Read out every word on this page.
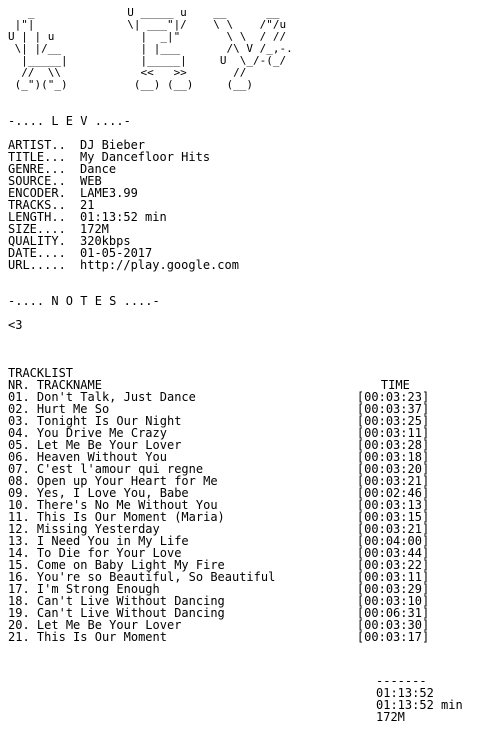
_              U _____ u    __      __
|"|              \| ___"|/    \ \    /"/u
U | | u             |  _|"       \ \  / //
\| |/__            | |___       /\ V /_,-.
|_____|           |_____|     U  \_/-(_/
//  \\            <<   >>       //
(_")("_)          (__) (__)     (__)
-.... L E V ....-
ARTIST.. DJ Bieber
TITLE... My Dancefloor Hits
GENRE... Dance
SOURCE.. WEB
ENCODER. LAME3.99
TRACKS.. 21
LENGTH.. 01:13:52 min
SIZE.... 172M
QUALITY. 320kbps
DATE.... 01-05-2017
URL..... http://play.google.com
-.... N O T E S ....-
<3
TRACKLIST
NR. TRACKNAME	TIME
01. Don't Talk, Just Dance	[00:03:23]
02. Hurt Me So	[00:03:37]
03. Tonight Is Our Night	[00:03:25]
04. You Drive Me Crazy	[00:03:11]
05. Let Me Be Your Lover	[00:03:28]
06. Heaven Without You	[00:03:18]
07. C'est l'amour qui regne	[00:03:20]
08. Open up Your Heart for Me	[00:03:21]
09. Yes, I Love You, Babe	[00:02:46]
10. There's No Me Without You	[00:03:13]
11. This Is Our Moment (Maria)	[00:03:15]
12. Missing Yesterday	[00:03:21]
13. I Need You in My Life	[00:04:00]
14. To Die for Your Love	[00:03:44]
15. Come on Baby Light My Fire	[00:03:22]
16. You're so Beautiful, So Beautiful	[00:03:11]
17. I'm Strong Enough	[00:03:29]
18. Can't Live Without Dancing	[00:03:10]
19. Can't Live Without Dancing	[00:06:31]
20. Let Me Be Your Lover	[00:03:30]
21. This Is Our Moment	[00:03:17]
-------
01:13:52
01:13:52 min
172M
